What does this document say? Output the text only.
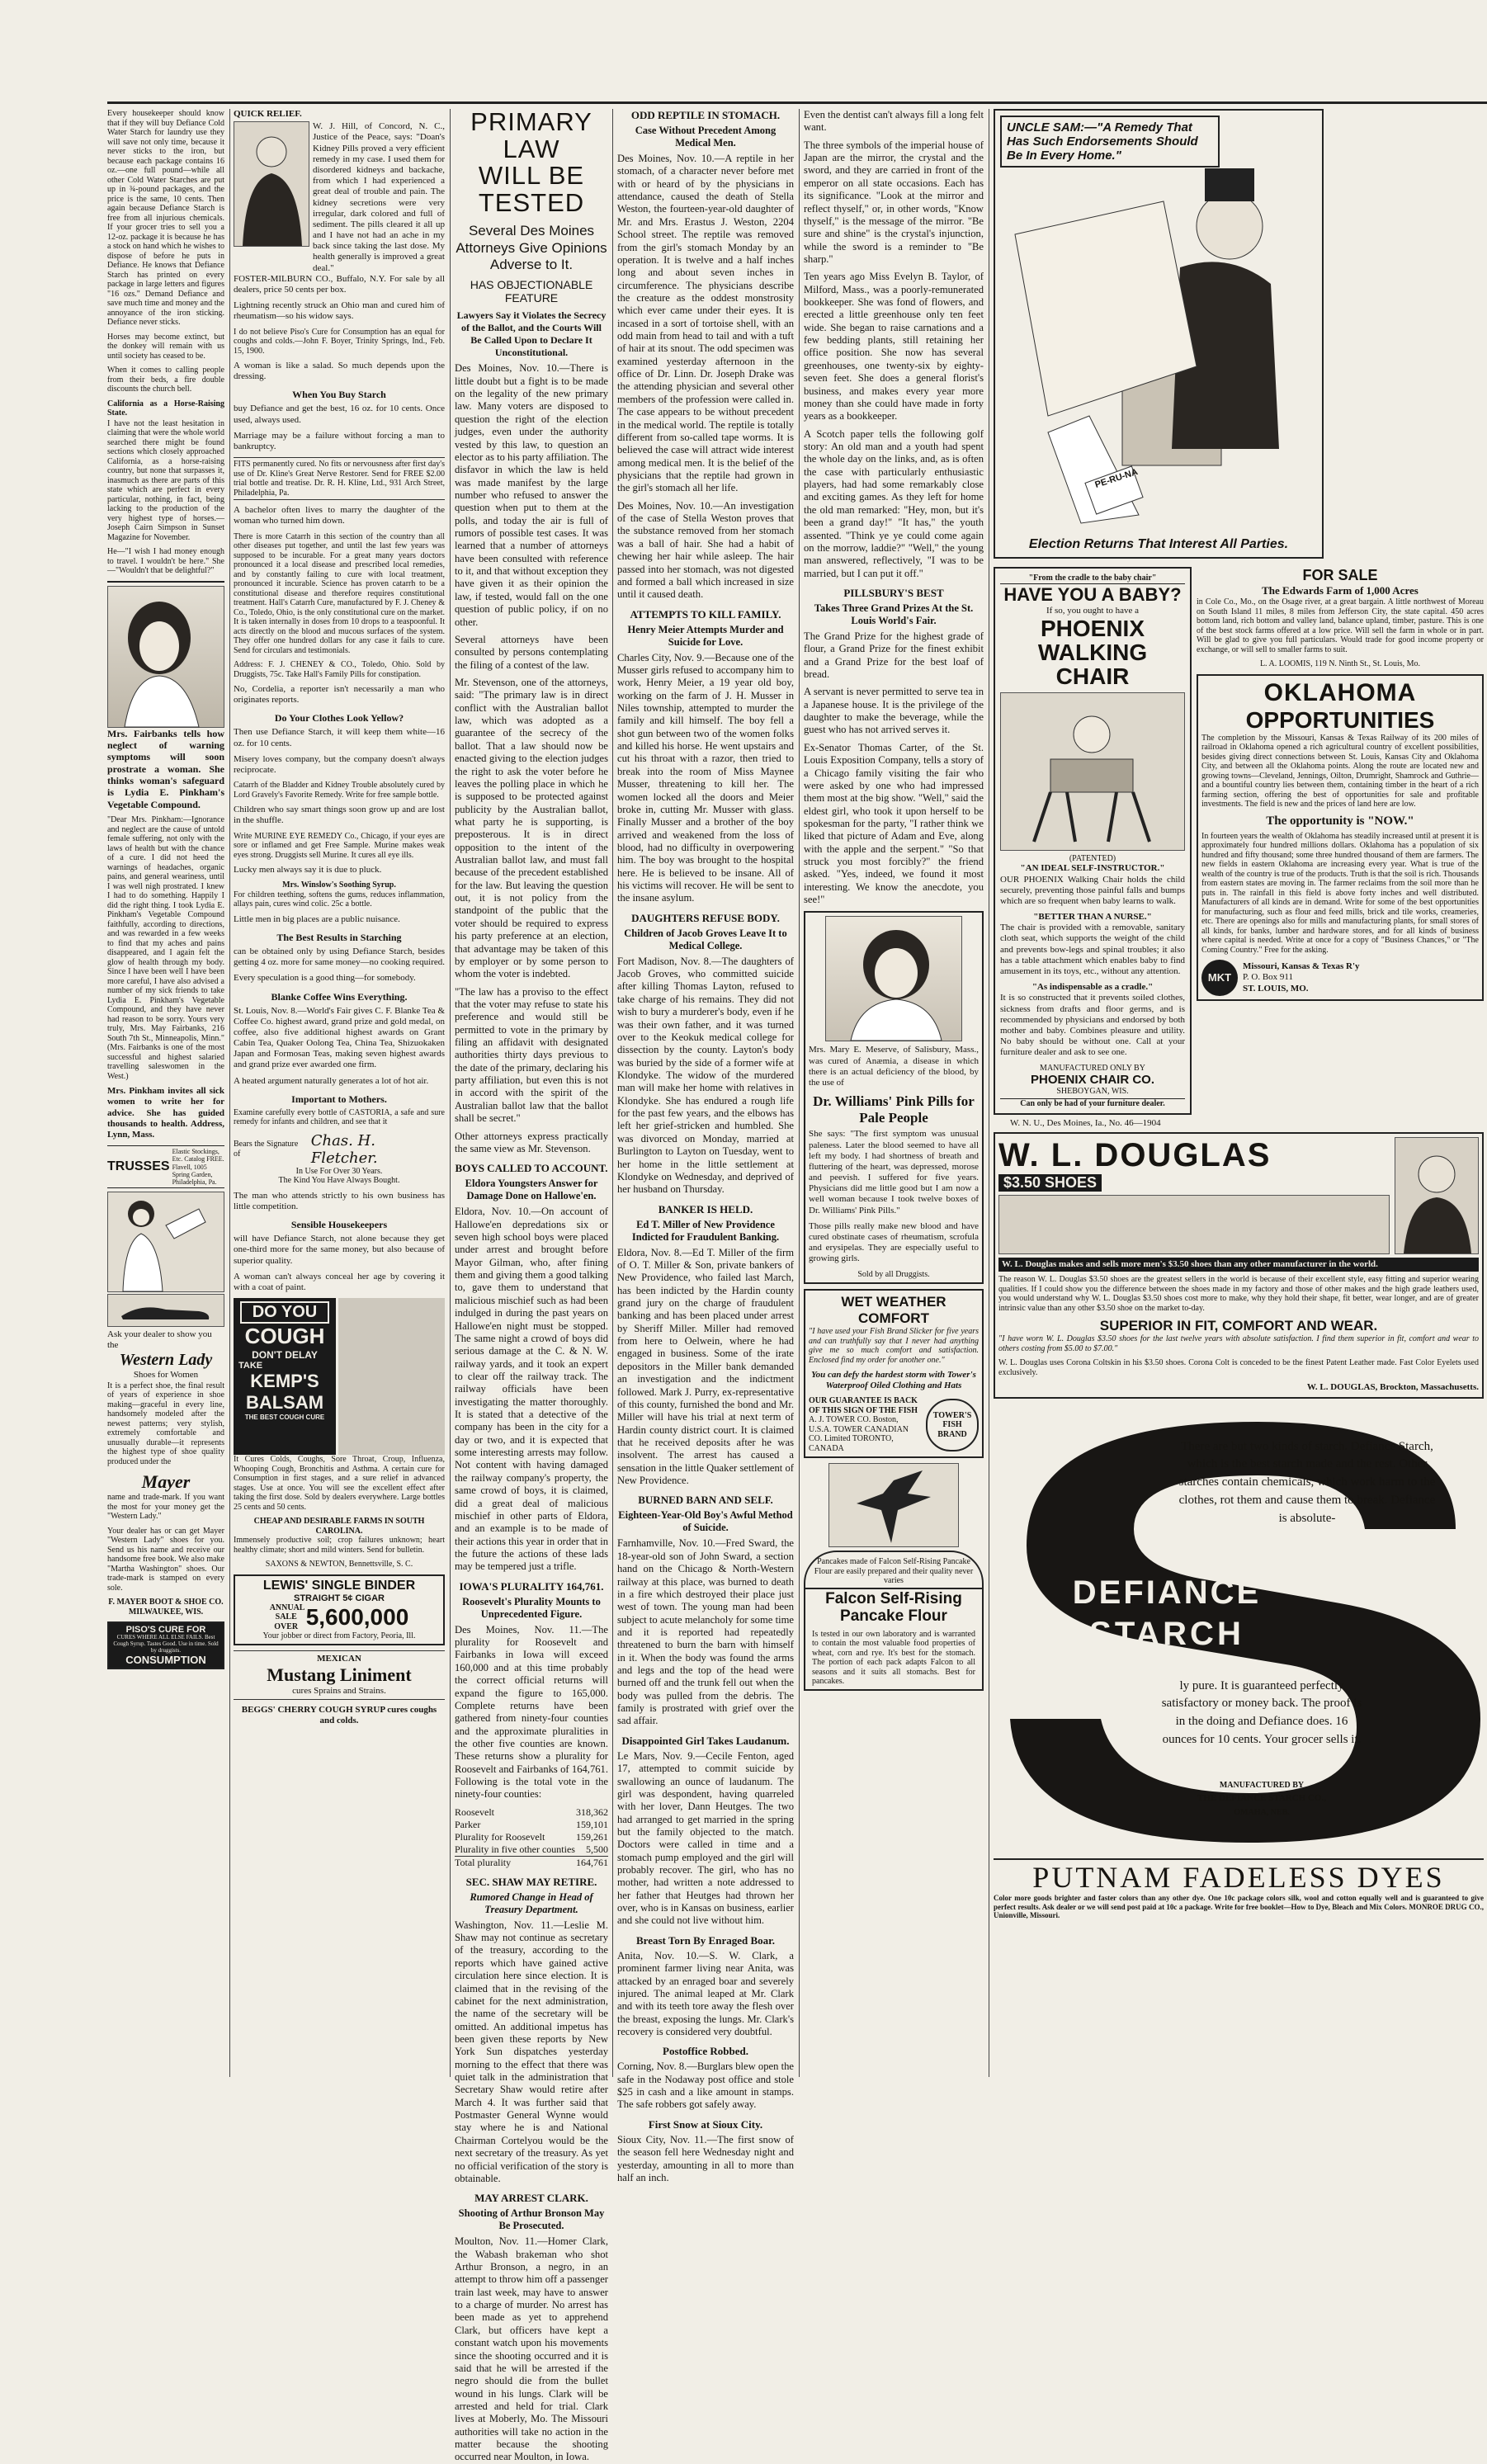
Every housekeeper should know that if they will buy Defiance Cold Water Starch for laundry use they will save not only time, because it never sticks to the iron, but because each package contains 16 oz.—one full pound—while all other Cold Water Starches are put up in ¾-pound packages, and the price is the same, 10 cents. Then again because Defiance Starch is free from all injurious chemicals. If your grocer tries to sell you a 12-oz. package it is because he has a stock on hand which he wishes to dispose of before he puts in Defiance. He knows that Defiance Starch has printed on every package in large letters and figures "16 ozs." Demand Defiance and save much time and money and the annoyance of the iron sticking. Defiance never sticks.

Horses may become extinct, but the donkey will remain with us until society has ceased to be.

When it comes to calling people from their beds, a fire double discounts the church bell.

California as a Horse-Raising State.

I have not the least hesitation in claiming that were the whole world searched there might be found sections which closely approached California, as a horse-raising country, but none that surpasses it, inasmuch as there are parts of this state which are perfect in every particular, nothing, in fact, being lacking to the production of the very highest type of horses.—Joseph Cairn Simpson in Sunset Magazine for November.

He—"I wish I had money enough to travel. I wouldn't be here." She—"Wouldn't that be delightful?"

Mrs. Fairbanks tells how neglect of warning symptoms will soon prostrate a woman. She thinks woman's safeguard is Lydia E. Pinkham's Vegetable Compound.

"Dear Mrs. Pinkham:—Ignorance and neglect are the cause of untold female suffering, not only with the laws of health but with the chance of a cure. I did not heed the warnings of headaches, organic pains, and general weariness, until I was well nigh prostrated. I knew I had to do something. Happily I did the right thing. I took Lydia E. Pinkham's Vegetable Compound faithfully, according to directions, and was rewarded in a few weeks to find that my aches and pains disappeared, and I again felt the glow of health through my body. Since I have been well I have been more careful, I have also advised a number of my sick friends to take Lydia E. Pinkham's Vegetable Compound, and they have never had reason to be sorry. Yours very truly, Mrs. May Fairbanks, 216 South 7th St., Minneapolis, Minn." (Mrs. Fairbanks is one of the most successful and highest salaried travelling saleswomen in the West.)

Mrs. Pinkham invites all sick women to write her for advice. She has guided thousands to health. Address, Lynn, Mass.

TRUSSES
Elastic Stockings, Etc. Catalog FREE. Flavell, 1005 Spring Garden, Philadelphia, Pa.
Ask your dealer to show you the
Western Lady
Shoes for Women

It is a perfect shoe, the final result of years of experience in shoe making—graceful in every line, handsomely modeled after the newest patterns; very stylish, extremely comfortable and unusually durable—it represents the highest type of shoe quality produced under the

Mayer

name and trade-mark. If you want the most for your money get the "Western Lady."

Your dealer has or can get Mayer "Western Lady" shoes for you. Send us his name and receive our handsome free book. We also make "Martha Washington" shoes. Our trade-mark is stamped on every sole.

F. MAYER BOOT & SHOE CO.
MILWAUKEE, WIS.
PISO'S CURE FOR
CURES WHERE ALL ELSE FAILS. Best Cough Syrup. Tastes Good. Use in time. Sold by druggists.
CONSUMPTION
QUICK RELIEF.

W. J. Hill, of Concord, N. C., Justice of the Peace, says: "Doan's Kidney Pills proved a very efficient remedy in my case. I used them for disordered kidneys and backache, from which I had experienced a great deal of trouble and pain. The kidney secretions were very irregular, dark colored and full of sediment. The pills cleared it all up and I have not had an ache in my back since taking the last dose. My health generally is improved a great deal."

FOSTER-MILBURN CO., Buffalo, N.Y. For sale by all dealers, price 50 cents per box.

Lightning recently struck an Ohio man and cured him of rheumatism—so his widow says.

I do not believe Piso's Cure for Consumption has an equal for coughs and colds.—John F. Boyer, Trinity Springs, Ind., Feb. 15, 1900.

A woman is like a salad. So much depends upon the dressing.

When You Buy Starch

buy Defiance and get the best, 16 oz. for 10 cents. Once used, always used.

Marriage may be a failure without forcing a man to bankruptcy.

FITS permanently cured. No fits or nervousness after first day's use of Dr. Kline's Great Nerve Restorer. Send for FREE $2.00 trial bottle and treatise. Dr. R. H. Kline, Ltd., 931 Arch Street, Philadelphia, Pa.

A bachelor often lives to marry the daughter of the woman who turned him down.

There is more Catarrh in this section of the country than all other diseases put together, and until the last few years was supposed to be incurable. For a great many years doctors pronounced it a local disease and prescribed local remedies, and by constantly failing to cure with local treatment, pronounced it incurable. Science has proven catarrh to be a constitutional disease and therefore requires constitutional treatment. Hall's Catarrh Cure, manufactured by F. J. Cheney & Co., Toledo, Ohio, is the only constitutional cure on the market. It is taken internally in doses from 10 drops to a teaspoonful. It acts directly on the blood and mucous surfaces of the system. They offer one hundred dollars for any case it fails to cure. Send for circulars and testimonials.

Address: F. J. CHENEY & CO., Toledo, Ohio. Sold by Druggists, 75c. Take Hall's Family Pills for constipation.

No, Cordelia, a reporter isn't necessarily a man who originates reports.

Do Your Clothes Look Yellow?

Then use Defiance Starch, it will keep them white—16 oz. for 10 cents.

Misery loves company, but the company doesn't always reciprocate.

Catarrh of the Bladder and Kidney Trouble absolutely cured by Lord Gravely's Favorite Remedy. Write for free sample bottle.

Children who say smart things soon grow up and are lost in the shuffle.

Write MURINE EYE REMEDY Co., Chicago, if your eyes are sore or inflamed and get Free Sample. Murine makes weak eyes strong. Druggists sell Murine. It cures all eye ills.

Lucky men always say it is due to pluck.

Mrs. Winslow's Soothing Syrup.

For children teething, softens the gums, reduces inflammation, allays pain, cures wind colic. 25c a bottle.

Little men in big places are a public nuisance.

The Best Results in Starching

can be obtained only by using Defiance Starch, besides getting 4 oz. more for same money—no cooking required.

Every speculation is a good thing—for somebody.

Blanke Coffee Wins Everything.

St. Louis, Nov. 8.—World's Fair gives C. F. Blanke Tea & Coffee Co. highest award, grand prize and gold medal, on coffee, also five additional highest awards on Grant Cabin Tea, Quaker Oolong Tea, China Tea, Shizuokaken Japan and Formosan Teas, making seven highest awards and grand prize ever awarded one firm.

A heated argument naturally generates a lot of hot air.

Important to Mothers.

Examine carefully every bottle of CASTORIA, a safe and sure remedy for infants and children, and see that it

Bears the Signature of
Chas. H. Fletcher.
In Use For Over 30 Years.
The Kind You Have Always Bought.

The man who attends strictly to his own business has little competition.

Sensible Housekeepers

will have Defiance Starch, not alone because they get one-third more for the same money, but also because of superior quality.

A woman can't always conceal her age by covering it with a coat of paint.

DO YOU
COUGH
DON'T DELAY
TAKE
KEMP'S
BALSAM
THE BEST COUGH CURE

It Cures Colds, Coughs, Sore Throat, Croup, Influenza, Whooping Cough, Bronchitis and Asthma. A certain cure for Consumption in first stages, and a sure relief in advanced stages. Use at once. You will see the excellent effect after taking the first dose. Sold by dealers everywhere. Large bottles 25 cents and 50 cents.

CHEAP AND DESIRABLE FARMS IN SOUTH CAROLINA.

Immensely productive soil; crop failures unknown; heart healthy climate; short and mild winters. Send for bulletin.

SAXONS & NEWTON, Bennettsville, S. C.
LEWIS' SINGLE BINDER
STRAIGHT 5¢ CIGAR
ANNUAL SALE OVER 5,600,000
Your jobber or direct from Factory, Peoria, Ill.
MEXICAN
Mustang Liniment
cures Sprains and Strains.
BEGGS' CHERRY COUGH SYRUP cures coughs and colds.
PRIMARY LAW
WILL BE TESTED
Several Des Moines Attorneys Give Opinions Adverse to It.
HAS OBJECTIONABLE FEATURE
Lawyers Say it Violates the Secrecy of the Ballot, and the Courts Will Be Called Upon to Declare It Unconstitutional.

Des Moines, Nov. 10.—There is little doubt but a fight is to be made on the legality of the new primary law. Many voters are disposed to question the right of the election judges, even under the authority vested by this law, to question an elector as to his party affiliation. The disfavor in which the law is held was made manifest by the large number who refused to answer the question when put to them at the polls, and today the air is full of rumors of possible test cases. It was learned that a number of attorneys have been consulted with reference to it, and that without exception they have given it as their opinion the law, if tested, would fall on the one question of public policy, if on no other.

Several attorneys have been consulted by persons contemplating the filing of a contest of the law.

Mr. Stevenson, one of the attorneys, said: "The primary law is in direct conflict with the Australian ballot law, which was adopted as a guarantee of the secrecy of the ballot. That a law should now be enacted giving to the election judges the right to ask the voter before he leaves the polling place in which he is supposed to be protected against publicity by the Australian ballot, what party he is supporting, is preposterous. It is in direct opposition to the intent of the Australian ballot law, and must fall because of the precedent established for the law. But leaving the question out, it is not policy from the standpoint of the public that the voter should be required to express his party preference at an election, that advantage may be taken of this by employer or by some person to whom the voter is indebted.

"The law has a proviso to the effect that the voter may refuse to state his preference and would still be permitted to vote in the primary by filing an affidavit with designated authorities thirty days previous to the date of the primary, declaring his party affiliation, but even this is not in accord with the spirit of the Australian ballot law that the ballot shall be secret."

Other attorneys express practically the same view as Mr. Stevenson.

BOYS CALLED TO ACCOUNT.
Eldora Youngsters Answer for Damage Done on Hallowe'en.

Eldora, Nov. 10.—On account of Hallowe'en depredations six or seven high school boys were placed under arrest and brought before Mayor Gilman, who, after fining them and giving them a good talking to, gave them to understand that malicious mischief such as had been indulged in during the past years on Hallowe'en night must be stopped. The same night a crowd of boys did serious damage at the C. & N. W. railway yards, and it took an expert to clear off the railway track. The railway officials have been investigating the matter thoroughly. It is stated that a detective of the company has been in the city for a day or two, and it is expected that some interesting arrests may follow. Not content with having damaged the railway company's property, the same crowd of boys, it is claimed, did a great deal of malicious mischief in other parts of Eldora, and an example is to be made of their actions this year in order that in the future the actions of these lads may be tempered just a trifle.

IOWA'S PLURALITY 164,761.
Roosevelt's Plurality Mounts to Unprecedented Figure.

Des Moines, Nov. 11.—The plurality for Roosevelt and Fairbanks in Iowa will exceed 160,000 and at this time probably the correct official returns will expand the figure to 165,000. Complete returns have been gathered from ninety-four counties and the approximate pluralities in the other five counties are known. These returns show a plurality for Roosevelt and Fairbanks of 164,761. Following is the total vote in the ninety-four counties:

Roosevelt	318,362
Parker	159,101
Plurality for Roosevelt	159,261
Plurality in five other counties 5,500
Total plurality	164,761
SEC. SHAW MAY RETIRE.
Rumored Change in Head of Treasury Department.

Washington, Nov. 11.—Leslie M. Shaw may not continue as secretary of the treasury, according to the reports which have gained active circulation here since election. It is claimed that in the revising of the cabinet for the next administration, the name of the secretary will be omitted. An additional impetus has been given these reports by New York Sun dispatches yesterday morning to the effect that there was quiet talk in the administration that Secretary Shaw would retire after March 4. It was further said that Postmaster General Wynne would stay where he is and National Chairman Cortelyou would be the next secretary of the treasury. As yet no official verification of the story is obtainable.

MAY ARREST CLARK.
Shooting of Arthur Bronson May Be Prosecuted.

Moulton, Nov. 11.—Homer Clark, the Wabash brakeman who shot Arthur Bronson, a negro, in an attempt to throw him off a passenger train last week, may have to answer to a charge of murder. No arrest has been made as yet to apprehend Clark, but officers have kept a constant watch upon his movements since the shooting occurred and it is said that he will be arrested if the negro should die from the bullet wound in his lungs. Clark will be arrested and held for trial. Clark lives at Moberly, Mo. The Missouri authorities will take no action in the matter because the shooting occurred near Moulton, in Iowa.

ODD REPTILE IN STOMACH.
Case Without Precedent Among Medical Men.

Des Moines, Nov. 10.—A reptile in her stomach, of a character never before met with or heard of by the physicians in attendance, caused the death of Stella Weston, the fourteen-year-old daughter of Mr. and Mrs. Erastus J. Weston, 2204 School street. The reptile was removed from the girl's stomach Monday by an operation. It is twelve and a half inches long and about seven inches in circumference. The physicians describe the creature as the oddest monstrosity which ever came under their eyes. It is incased in a sort of tortoise shell, with an odd main from head to tail and with a tuft of hair at its snout. The odd specimen was examined yesterday afternoon in the office of Dr. Linn. Dr. Joseph Drake was the attending physician and several other members of the profession were called in. The case appears to be without precedent in the medical world. The reptile is totally different from so-called tape worms. It is believed the case will attract wide interest among medical men. It is the belief of the physicians that the reptile had grown in the girl's stomach all her life.

Des Moines, Nov. 10.—An investigation of the case of Stella Weston proves that the substance removed from her stomach was a ball of hair. She had a habit of chewing her hair while asleep. The hair passed into her stomach, was not digested and formed a ball which increased in size until it caused death.

ATTEMPTS TO KILL FAMILY.
Henry Meier Attempts Murder and Suicide for Love.

Charles City, Nov. 9.—Because one of the Musser girls refused to accompany him to work, Henry Meier, a 19 year old boy, working on the farm of J. H. Musser in Niles township, attempted to murder the family and kill himself. The boy fell a shot gun between two of the women folks and killed his horse. He went upstairs and cut his throat with a razor, then tried to break into the room of Miss Maynee Musser, threatening to kill her. The women locked all the doors and Meier broke in, cutting Mr. Musser with glass. Finally Musser and a brother of the boy arrived and weakened from the loss of blood, had no difficulty in overpowering him. The boy was brought to the hospital here. He is believed to be insane. All of his victims will recover. He will be sent to the insane asylum.

DAUGHTERS REFUSE BODY.
Children of Jacob Groves Leave It to Medical College.

Fort Madison, Nov. 8.—The daughters of Jacob Groves, who committed suicide after killing Thomas Layton, refused to take charge of his remains. They did not wish to bury a murderer's body, even if he was their own father, and it was turned over to the Keokuk medical college for dissection by the county. Layton's body was buried by the side of a former wife at Klondyke. The widow of the murdered man will make her home with relatives in Klondyke. She has endured a rough life for the past few years, and the elbows has left her grief-stricken and humbled. She was divorced on Monday, married at Burlington to Layton on Tuesday, went to her home in the little settlement at Klondyke on Wednesday, and deprived of her husband on Thursday.

BANKER IS HELD.
Ed T. Miller of New Providence Indicted for Fraudulent Banking.

Eldora, Nov. 8.—Ed T. Miller of the firm of O. T. Miller & Son, private bankers of New Providence, who failed last March, has been indicted by the Hardin county grand jury on the charge of fraudulent banking and has been placed under arrest by Sheriff Miller. Miller had removed from here to Oelwein, where he had engaged in business. Some of the irate depositors in the Miller bank demanded an investigation and the indictment followed. Mark J. Purry, ex-representative of this county, furnished the bond and Mr. Miller will have his trial at next term of Hardin county district court. It is claimed that he received deposits after he was insolvent. The arrest has caused a sensation in the little Quaker settlement of New Providence.

BURNED BARN AND SELF.
Eighteen-Year-Old Boy's Awful Method of Suicide.

Farnhamville, Nov. 10.—Fred Sward, the 18-year-old son of John Sward, a section hand on the Chicago & North-Western railway at this place, was burned to death in a fire which destroyed their place just west of town. The young man had been subject to acute melancholy for some time and it is reported had repeatedly threatened to burn the barn with himself in it. When the body was found the arms and legs and the top of the head were burned off and the trunk fell out when the body was pulled from the debris. The family is prostrated with grief over the sad affair.

Disappointed Girl Takes Laudanum.

Le Mars, Nov. 9.—Cecile Fenton, aged 17, attempted to commit suicide by swallowing an ounce of laudanum. The girl was despondent, having quarreled with her lover, Dann Heutges. The two had arranged to get married in the spring but the family objected to the match. Doctors were called in time and a stomach pump employed and the girl will probably recover. The girl, who has no mother, had written a note addressed to her father that Heutges had thrown her over, who is in Kansas on business, earlier and she could not live without him.

Breast Torn By Enraged Boar.

Anita, Nov. 10.—S. W. Clark, a prominent farmer living near Anita, was attacked by an enraged boar and severely injured. The animal leaped at Mr. Clark and with its teeth tore away the flesh over the breast, exposing the lungs. Mr. Clark's recovery is considered very doubtful.

Postoffice Robbed.

Corning, Nov. 8.—Burglars blew open the safe in the Nodaway post office and stole $25 in cash and a like amount in stamps. The safe robbers got safely away.

First Snow at Sioux City.

Sioux City, Nov. 11.—The first snow of the season fell here Wednesday night and yesterday, amounting in all to more than half an inch.

Even the dentist can't always fill a long felt want.

The three symbols of the imperial house of Japan are the mirror, the crystal and the sword, and they are carried in front of the emperor on all state occasions. Each has its significance. "Look at the mirror and reflect thyself," or, in other words, "Know thyself," is the message of the mirror. "Be sure and shine" is the crystal's injunction, while the sword is a reminder to "Be sharp."

Ten years ago Miss Evelyn B. Taylor, of Milford, Mass., was a poorly-remunerated bookkeeper. She was fond of flowers, and erected a little greenhouse only ten feet wide. She began to raise carnations and a few bedding plants, still retaining her office position. She now has several greenhouses, one twenty-six by eighty-seven feet. She does a general florist's business, and makes every year more money than she could have made in forty years as a bookkeeper.

A Scotch paper tells the following golf story: An old man and a youth had spent the whole day on the links, and, as is often the case with particularly enthusiastic players, had had some remarkably close and exciting games. As they left for home the old man remarked: "Hey, mon, but it's been a grand day!" "It has," the youth assented. "Think ye ye could come again on the morrow, laddie?" "Well," the young man answered, reflectively, "I was to be married, but I can put it off."

PILLSBURY'S BEST
Takes Three Grand Prizes At the St. Louis World's Fair.

The Grand Prize for the highest grade of flour, a Grand Prize for the finest exhibit and a Grand Prize for the best loaf of bread.

A servant is never permitted to serve tea in a Japanese house. It is the privilege of the daughter to make the beverage, while the guest who has not arrived serves it.

Ex-Senator Thomas Carter, of the St. Louis Exposition Company, tells a story of a Chicago family visiting the fair who were asked by one who had impressed them most at the big show. "Well," said the eldest girl, who took it upon herself to be spokesman for the party, "I rather think we liked that picture of Adam and Eve, along with the apple and the serpent." "So that struck you most forcibly?" the friend asked. "Yes, indeed, we found it most interesting. We know the anecdote, you see!"

Mrs. Mary E. Meserve, of Salisbury, Mass., was cured of Anæmia, a disease in which there is an actual deficiency of the blood, by the use of

Dr. Williams' Pink Pills for Pale People

She says: "The first symptom was unusual paleness. Later the blood seemed to have all left my body. I had shortness of breath and fluttering of the heart, was depressed, morose and peevish. I suffered for five years. Physicians did me little good but I am now a well woman because I took twelve boxes of Dr. Williams' Pink Pills."

Those pills really make new blood and have cured obstinate cases of rheumatism, scrofula and erysipelas. They are especially useful to growing girls.

Sold by all Druggists.
WET WEATHER COMFORT

"I have used your Fish Brand Slicker for five years and can truthfully say that I never had anything give me so much comfort and satisfaction. Enclosed find my order for another one."

You can defy the hardest storm with Tower's Waterproof Oiled Clothing and Hats

OUR GUARANTEE IS BACK OF THIS SIGN OF THE FISH
A. J. TOWER CO. Boston, U.S.A. TOWER CANADIAN CO. Limited TORONTO, CANADA
TOWER'S FISH BRAND
Pancakes made of Falcon Self-Rising Pancake Flour are easily prepared and their quality never varies
Falcon Self-Rising Pancake Flour

Is tested in our own laboratory and is warranted to contain the most valuable food properties of wheat, corn and rye. It's best for the stomach. The portion of each pack adapts Falcon to all seasons and it suits all stomachs. Best for pancakes.

UNCLE SAM:—"A Remedy That Has Such Endorsements Should Be In Every Home."
PE-RU-NA
Election Returns That Interest All Parties.
"From the cradle to the baby chair"
HAVE YOU A BABY?
If so, you ought to have a
PHOENIX WALKING CHAIR
(PATENTED)
"AN IDEAL SELF-INSTRUCTOR."

OUR PHOENIX Walking Chair holds the child securely, preventing those painful falls and bumps which are so frequent when baby learns to walk.

"BETTER THAN A NURSE."

The chair is provided with a removable, sanitary cloth seat, which supports the weight of the child and prevents bow-legs and spinal troubles; it also has a table attachment which enables baby to find amusement in its toys, etc., without any attention.

"As indispensable as a cradle."

It is so constructed that it prevents soiled clothes, sickness from drafts and floor germs, and is recommended by physicians and endorsed by both mother and baby. Combines pleasure and utility. No baby should be without one. Call at your furniture dealer and ask to see one.

MANUFACTURED ONLY BY
PHOENIX CHAIR CO.
SHEBOYGAN, WIS.
Can only be had of your furniture dealer.
FOR SALE
The Edwards Farm of 1,000 Acres

in Cole Co., Mo., on the Osage river, at a great bargain. A little northwest of Moreau on South Island 11 miles, 8 miles from Jefferson City, the state capital. 450 acres bottom land, rich bottom and valley land, balance upland, timber, pasture. This is one of the best stock farms offered at a low price. Will sell the farm in whole or in part. Will be glad to give you full particulars. Would trade for good income property or exchange, or will sell to smaller farms to suit.

L. A. LOOMIS, 119 N. Ninth St., St. Louis, Mo.
OKLAHOMA
OPPORTUNITIES

The completion by the Missouri, Kansas & Texas Railway of its 200 miles of railroad in Oklahoma opened a rich agricultural country of excellent possibilities, besides giving direct connections between St. Louis, Kansas City and Oklahoma City, and between all the Oklahoma points. Along the route are located new and growing towns—Cleveland, Jennings, Oilton, Drumright, Shamrock and Guthrie—and a bountiful country lies between them, containing timber in the heart of a rich farming section, offering the best of opportunities for sale and profitable investments. The field is new and the prices of land here are low.

The opportunity is "NOW."

In fourteen years the wealth of Oklahoma has steadily increased until at present it is approximately four hundred millions dollars. Oklahoma has a population of six hundred and fifty thousand; some three hundred thousand of them are farmers. The new fields in eastern Oklahoma are increasing every year. What is true of the wealth of the country is true of the products. Truth is that the soil is rich. Thousands from eastern states are moving in. The farmer reclaims from the soil more than he puts in. The rainfall in this field is above forty inches and well distributed. Manufacturers of all kinds are in demand. Write for some of the best opportunities for manufacturing, such as flour and feed mills, brick and tile works, creameries, etc. There are openings also for mills and manufacturing plants, for small stores of all kinds, for banks, lumber and hardware stores, and for all kinds of business where capital is needed. Write at once for a copy of "Business Chances," or "The Coming Country." Free for the asking.

MKT
Missouri, Kansas & Texas R'y
P. O. Box 911
ST. LOUIS, MO.
W. N. U., Des Moines, Ia., No. 46—1904
W. L. DOUGLAS
$3.50 SHOES
W. L. Douglas makes and sells more men's $3.50 shoes than any other manufacturer in the world.

The reason W. L. Douglas $3.50 shoes are the greatest sellers in the world is because of their excellent style, easy fitting and superior wearing qualities. If I could show you the difference between the shoes made in my factory and those of other makes and the high grade leathers used, you would understand why W. L. Douglas $3.50 shoes cost more to make, why they hold their shape, fit better, wear longer, and are of greater intrinsic value than any other $3.50 shoe on the market to-day.

SUPERIOR IN FIT, COMFORT AND WEAR.

"I have worn W. L. Douglas $3.50 shoes for the last twelve years with absolute satisfaction. I find them superior in fit, comfort and wear to others costing from $5.00 to $7.00."

W. L. Douglas uses Corona Coltskin in his $3.50 shoes. Corona Colt is conceded to be the finest Patent Leather made. Fast Color Eyelets used exclusively.

W. L. DOUGLAS, Brockton, Massachusetts.

There are but two kinds of starch. Defiance Starch, which is the best starch made and the rest. Other starches contain chemicals, which work harm to the clothes, rot them and cause them to break. Defiance is absolute-

DEFIANCE
STARCH

ly pure. It is guaranteed perfectly satisfactory or money back. The proof is in the doing and Defiance does. 16 ounces for 10 cents. Your grocer sells it.

MANUFACTURED BY
THE DEFIANCE STARCH CO.,
OMAHA, NEB.
PUTNAM FADELESS DYES

Color more goods brighter and faster colors than any other dye. One 10c package colors silk, wool and cotton equally well and is guaranteed to give perfect results. Ask dealer or we will send post paid at 10c a package. Write for free booklet—How to Dye, Bleach and Mix Colors. MONROE DRUG CO., Unionville, Missouri.
